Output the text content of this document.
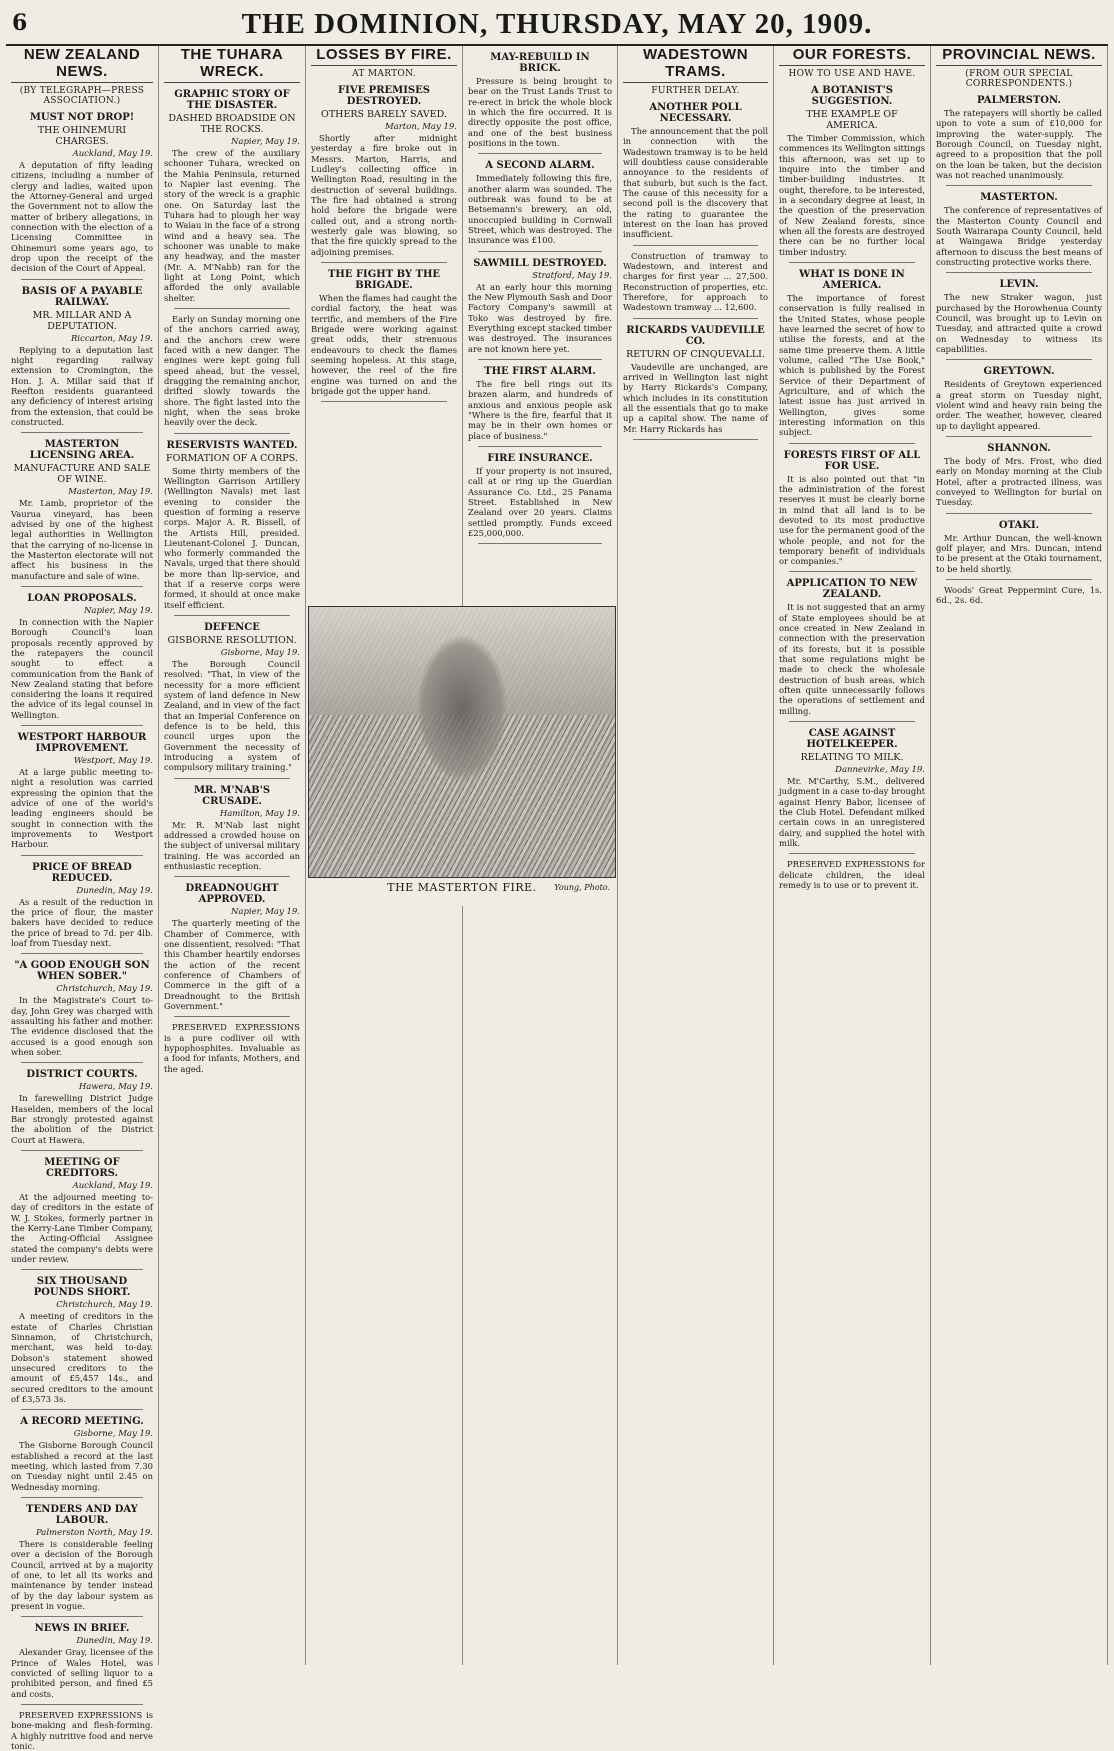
6	THE DOMINION, THURSDAY, MAY 20, 1909.
NEW ZEALAND NEWS.
(BY TELEGRAPH—PRESS ASSOCIATION.)
MUST NOT DROP!
THE OHINEMURI CHARGES.
Auckland, May 19.

A deputation of fifty leading citizens, including a number of clergy and ladies, waited upon the Attorney-General and urged the Government not to allow the matter of bribery allegations, in connection with the election of a Licensing Committee in Ohinemuri some years ago, to drop upon the receipt of the decision of the Court of Appeal.

BASIS OF A PAYABLE RAILWAY.
MR. MILLAR AND A DEPUTATION.
Riccarton, May 19.

Replying to a deputation last night regarding railway extension to Cromington, the Hon. J. A. Millar said that if Reefton residents guaranteed any deficiency of interest arising from the extension, that could be constructed.

MASTERTON LICENSING AREA.
MANUFACTURE AND SALE OF WINE.
Masterton, May 19.

Mr. Lamb, proprietor of the Vaurua vineyard, has been advised by one of the highest legal authorities in Wellington that the carrying of no-license in the Masterton electorate will not affect his business in the manufacture and sale of wine.

LOAN PROPOSALS.
Napier, May 19.

In connection with the Napier Borough Council's loan proposals recently approved by the ratepayers the council sought to effect a communication from the Bank of New Zealand stating that before considering the loans it required the advice of its legal counsel in Wellington.

WESTPORT HARBOUR IMPROVEMENT.
Westport, May 19.

At a large public meeting to-night a resolution was carried expressing the opinion that the advice of one of the world's leading engineers should be sought in connection with the improvements to Westport Harbour.

PRICE OF BREAD REDUCED.
Dunedin, May 19.

As a result of the reduction in the price of flour, the master bakers have decided to reduce the price of bread to 7d. per 4lb. loaf from Tuesday next.

"A GOOD ENOUGH SON WHEN SOBER."
Christchurch, May 19.

In the Magistrate's Court to-day, John Grey was charged with assaulting his father and mother. The evidence disclosed that the accused is a good enough son when sober.

DISTRICT COURTS.
Hawera, May 19.

In farewelling District Judge Haselden, members of the local Bar strongly protested against the abolition of the District Court at Hawera.

MEETING OF CREDITORS.
Auckland, May 19.

At the adjourned meeting to-day of creditors in the estate of W. J. Stokes, formerly partner in the Kerry-Lane Timber Company, the Acting-Official Assignee stated the company's debts were under review.

SIX THOUSAND POUNDS SHORT.
Christchurch, May 19.

A meeting of creditors in the estate of Charles Christian Sinnamon, of Christchurch, merchant, was held to-day. Dobson's statement showed unsecured creditors to the amount of £5,457 14s., and secured creditors to the amount of £3,573 3s.

A RECORD MEETING.
Gisborne, May 19.

The Gisborne Borough Council established a record at the last meeting, which lasted from 7.30 on Tuesday night until 2.45 on Wednesday morning.

TENDERS AND DAY LABOUR.
Palmerston North, May 19.

There is considerable feeling over a decision of the Borough Council, arrived at by a majority of one, to let all its works and maintenance by tender instead of by the day labour system as present in vogue.

NEWS IN BRIEF.
Dunedin, May 19.

Alexander Gray, licensee of the Prince of Wales Hotel, was convicted of selling liquor to a prohibited person, and fined £5 and costs.

PRESERVED EXPRESSIONS is bone-making and flesh-forming. A highly nutritive food and nerve tonic.

THE TUHARA WRECK.
GRAPHIC STORY OF THE DISASTER.
DASHED BROADSIDE ON THE ROCKS.
Napier, May 19.

The crew of the auxiliary schooner Tuhara, wrecked on the Mahia Peninsula, returned to Napier last evening. The story of the wreck is a graphic one. On Saturday last the Tuhara had to plough her way to Waiau in the face of a strong wind and a heavy sea. The schooner was unable to make any headway, and the master (Mr. A. M'Nabb) ran for the light at Long Point, which afforded the only available shelter.

Early on Sunday morning one of the anchors carried away, and the anchors crew were faced with a new danger. The engines were kept going full speed ahead, but the vessel, dragging the remaining anchor, drifted slowly towards the shore. The fight lasted into the night, when the seas broke heavily over the deck.

RESERVISTS WANTED.
FORMATION OF A CORPS.

Some thirty members of the Wellington Garrison Artillery (Wellington Navals) met last evening to consider the question of forming a reserve corps. Major A. R. Bissell, of the Artists Hill, presided. Lieutenant-Colonel J. Duncan, who formerly commanded the Navals, urged that there should be more than lip-service, and that if a reserve corps were formed, it should at once make itself efficient.

DEFENCE
GISBORNE RESOLUTION.
Gisborne, May 19.

The Borough Council resolved: "That, in view of the necessity for a more efficient system of land defence in New Zealand, and in view of the fact that an Imperial Conference on defence is to be held, this council urges upon the Government the necessity of introducing a system of compulsory military training."

MR. M'NAB'S CRUSADE.
Hamilton, May 19.

Mr. R. M'Nab last night addressed a crowded house on the subject of universal military training. He was accorded an enthusiastic reception.

DREADNOUGHT APPROVED.
Napier, May 19.

The quarterly meeting of the Chamber of Commerce, with one dissentient, resolved: "That this Chamber heartily endorses the action of the recent conference of Chambers of Commerce in the gift of a Dreadnought to the British Government."

PRESERVED EXPRESSIONS is a pure codliver oil with hypophosphites. Invaluable as a food for infants, Mothers, and the aged.

LOSSES BY FIRE.
AT MARTON.
FIVE PREMISES DESTROYED.
OTHERS BARELY SAVED.
Marton, May 19.

Shortly after midnight yesterday a fire broke out in Messrs. Marton, Harris, and Ludley's collecting office in Wellington Road, resulting in the destruction of several buildings. The fire had obtained a strong hold before the brigade were called out, and a strong north-westerly gale was blowing, so that the fire quickly spread to the adjoining premises.

THE FIGHT BY THE BRIGADE.

When the flames had caught the cordial factory, the heat was terrific, and members of the Fire Brigade were working against great odds, their strenuous endeavours to check the flames seeming hopeless. At this stage, however, the reel of the fire engine was turned on and the brigade got the upper hand.

MAY-REBUILD IN BRICK.

Pressure is being brought to bear on the Trust Lands Trust to re-erect in brick the whole block in which the fire occurred. It is directly opposite the post office, and one of the best business positions in the town.

A SECOND ALARM.

Immediately following this fire, another alarm was sounded. The outbreak was found to be at Betsemann's brewery, an old, unoccupied building in Cornwall Street, which was destroyed. The insurance was £100.

SAWMILL DESTROYED.
Stratford, May 19.

At an early hour this morning the New Plymouth Sash and Door Factory Company's sawmill at Toko was destroyed by fire. Everything except stacked timber was destroyed. The insurances are not known here yet.

THE FIRST ALARM.

The fire bell rings out its brazen alarm, and hundreds of anxious and anxious people ask "Where is the fire, fearful that it may be in their own homes or place of business."

FIRE INSURANCE.

If your property is not insured, call at or ring up the Guardian Assurance Co. Ltd., 25 Panama Street. Established in New Zealand over 20 years. Claims settled promptly. Funds exceed £25,000,000.

WADESTOWN TRAMS.
FURTHER DELAY.
ANOTHER POLL NECESSARY.

The announcement that the poll in connection with the Wadestown tramway is to be held will doubtless cause considerable annoyance to the residents of that suburb, but such is the fact. The cause of this necessity for a second poll is the discovery that the rating to guarantee the interest on the loan has proved insufficient.

Construction of tramway to Wadestown, and interest and charges for first year ... 27,500. Reconstruction of properties, etc. Therefore, for approach to Wadestown tramway ... 12,600.

RICKARDS VAUDEVILLE CO.
RETURN OF CINQUEVALLI.

Vaudeville are unchanged, are arrived in Wellington last night by Harry Rickards's Company, which includes in its constitution all the essentials that go to make up a capital show. The name of Mr. Harry Rickards has

OUR FORESTS.
HOW TO USE AND HAVE.
A BOTANIST'S SUGGESTION.
THE EXAMPLE OF AMERICA.

The Timber Commission, which commences its Wellington sittings this afternoon, was set up to inquire into the timber and timber-building industries. It ought, therefore, to be interested, in a secondary degree at least, in the question of the preservation of New Zealand forests, since when all the forests are destroyed there can be no further local timber industry.

WHAT IS DONE IN AMERICA.

The importance of forest conservation is fully realised in the United States, whose people have learned the secret of how to utilise the forests, and at the same time preserve them. A little volume, called "The Use Book," which is published by the Forest Service of their Department of Agriculture, and of which the latest issue has just arrived in Wellington, gives some interesting information on this subject.

FORESTS FIRST OF ALL FOR USE.

It is also pointed out that "in the administration of the forest reserves it must be clearly borne in mind that all land is to be devoted to its most productive use for the permanent good of the whole people, and not for the temporary benefit of individuals or companies."

APPLICATION TO NEW ZEALAND.

It is not suggested that an army of State employees should be at once created in New Zealand in connection with the preservation of its forests, but it is possible that some regulations might be made to check the wholesale destruction of bush areas, which often quite unnecessarily follows the operations of settlement and milling.

CASE AGAINST HOTELKEEPER.
RELATING TO MILK.
Dannevirke, May 19.

Mr. M'Carthy, S.M., delivered judgment in a case to-day brought against Henry Babor, licensee of the Club Hotel. Defendant milked certain cows in an unregistered dairy, and supplied the hotel with milk.

PRESERVED EXPRESSIONS for delicate children, the ideal remedy is to use or to prevent it.

PROVINCIAL NEWS.
(FROM OUR SPECIAL CORRESPONDENTS.)
PALMERSTON.

The ratepayers will shortly be called upon to vote a sum of £10,000 for improving the water-supply. The Borough Council, on Tuesday night, agreed to a proposition that the poll on the loan be taken, but the decision was not reached unanimously.

MASTERTON.

The conference of representatives of the Masterton County Council and South Wairarapa County Council, held at Waingawa Bridge yesterday afternoon to discuss the best means of constructing protective works there.

LEVIN.

The new Straker wagon, just purchased by the Horowhenua County Council, was brought up to Levin on Tuesday, and attracted quite a crowd on Wednesday to witness its capabilities.

GREYTOWN.

Residents of Greytown experienced a great storm on Tuesday night, violent wind and heavy rain being the order. The weather, however, cleared up to daylight appeared.

SHANNON.

The body of Mrs. Frost, who died early on Monday morning at the Club Hotel, after a protracted illness, was conveyed to Wellington for burial on Tuesday.

OTAKI.

Mr. Arthur Duncan, the well-known golf player, and Mrs. Duncan, intend to be present at the Otaki tournament, to be held shortly.

Woods' Great Peppermint Cure, 1s. 6d., 2s. 6d.

THE MASTERTON FIRE.	Young, Photo.
